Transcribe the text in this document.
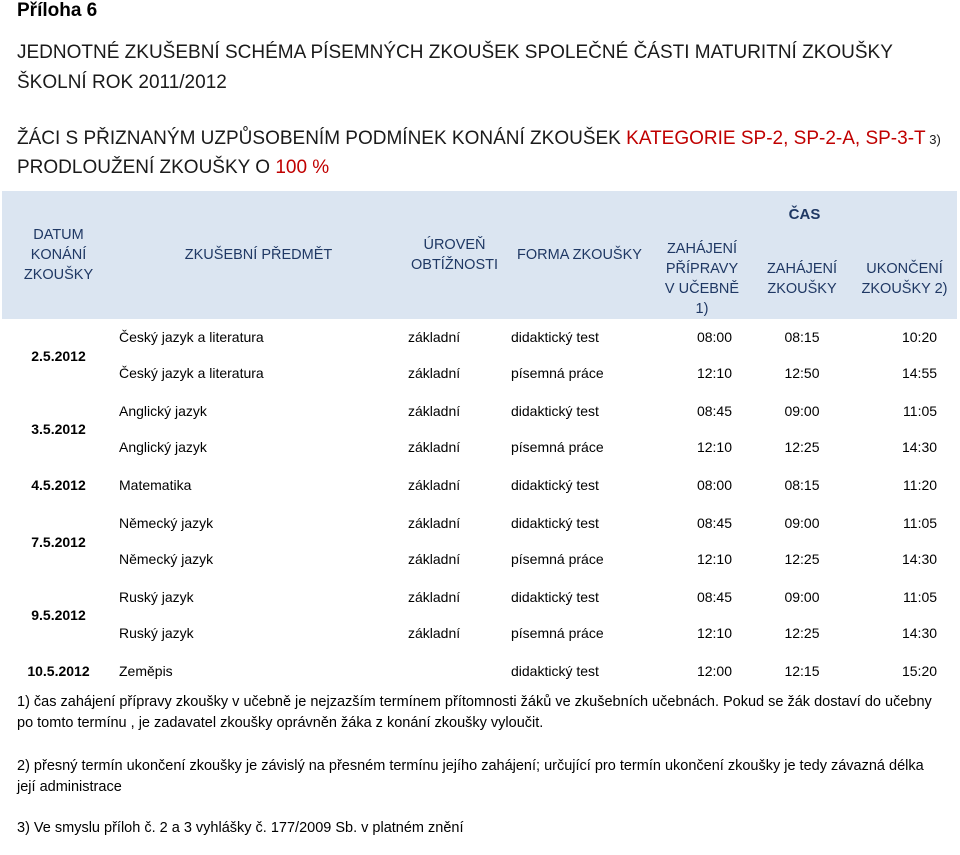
Příloha 6
JEDNOTNÉ ZKUŠEBNÍ SCHÉMA PÍSEMNÝCH ZKOUŠEK SPOLEČNÉ ČÁSTI MATURITNÍ ZKOUŠKY
ŠKOLNÍ ROK 2011/2012
ŽÁCI S PŘIZNANÝM UZPŮSOBENÍM PODMÍNEK KONÁNÍ ZKOUŠEK KATEGORIE SP-2, SP-2-A, SP-3-T 3)
PRODLOUŽENÍ ZKOUŠKY O 100 %
DATUM KONÁNÍ ZKOUŠKY	ZKUŠEBNÍ PŘEDMĚT	ÚROVEŇ OBTÍŽNOSTI	FORMA ZKOUŠKY	ČAS		

				ZAHÁJENÍ PŘÍPRAVY V UČEBNĚ 1)	ZAHÁJENÍ ZKOUŠKY	UKONČENÍ ZKOUŠKY 2)

2.5.2012	Český jazyk a literatura	základní	didaktický test	08:00	08:15	10:20
	Český jazyk a literatura	základní	písemná práce	12:10	12:50	14:55
3.5.2012	Anglický jazyk	základní	didaktický test	08:45	09:00	11:05
	Anglický jazyk	základní	písemná práce	12:10	12:25	14:30
4.5.2012	Matematika	základní	didaktický test	08:00	08:15	11:20
7.5.2012	Německý jazyk	základní	didaktický test	08:45	09:00	11:05
	Německý jazyk	základní	písemná práce	12:10	12:25	14:30
9.5.2012	Ruský jazyk	základní	didaktický test	08:45	09:00	11:05
	Ruský jazyk	základní	písemná práce	12:10	12:25	14:30
10.5.2012	Zeměpis		didaktický test	12:00	12:15	15:20
1) čas zahájení přípravy zkoušky v učebně je nejzazším termínem přítomnosti žáků ve zkušebních učebnách. Pokud se žák dostaví do učebny po tomto termínu , je zadavatel zkoušky oprávněn žáka z konání zkoušky vyloučit.
2) přesný termín ukončení zkoušky je závislý na přesném termínu jejího zahájení; určující pro termín ukončení zkoušky je tedy závazná délka její administrace
3) Ve smyslu příloh č. 2 a 3 vyhlášky č. 177/2009 Sb. v platném znění
